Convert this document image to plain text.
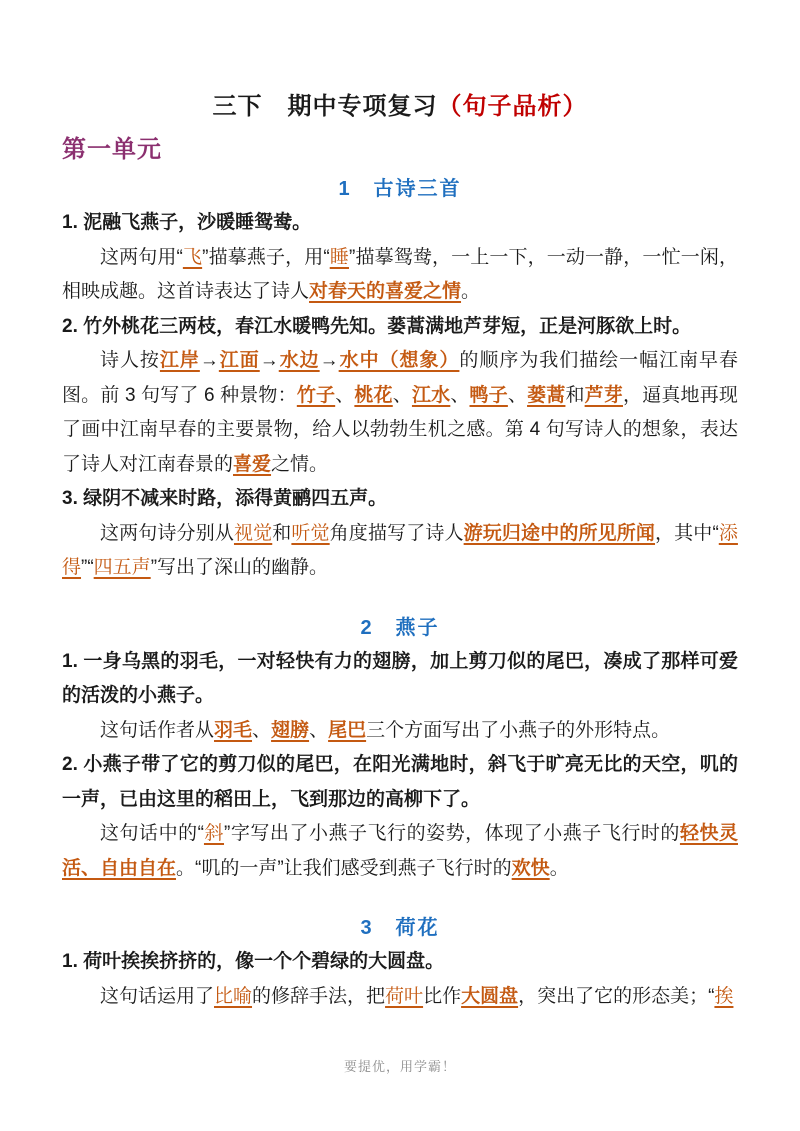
三下　期中专项复习（句子品析）
第一单元
1　古诗三首

1. 泥融飞燕子，沙暖睡鸳鸯。

这两句用“飞”描摹燕子，用“睡”描摹鸳鸯，一上一下，一动一静，一忙一闲，相映成趣。这首诗表达了诗人对春天的喜爱之情。

2. 竹外桃花三两枝，春江水暖鸭先知。蒌蒿满地芦芽短，正是河豚欲上时。

诗人按江岸→江面→水边→水中（想象）的顺序为我们描绘一幅江南早春图。前 3 句写了 6 种景物：竹子、桃花、江水、鸭子、蒌蒿和芦芽，逼真地再现了画中江南早春的主要景物，给人以勃勃生机之感。第 4 句写诗人的想象，表达了诗人对江南春景的喜爱之情。

3. 绿阴不减来时路，添得黄鹂四五声。

这两句诗分别从视觉和听觉角度描写了诗人游玩归途中的所见所闻，其中“添得”“四五声”写出了深山的幽静。

2　燕子

1. 一身乌黑的羽毛，一对轻快有力的翅膀，加上剪刀似的尾巴，凑成了那样可爱的活泼的小燕子。

这句话作者从羽毛、翅膀、尾巴三个方面写出了小燕子的外形特点。

2. 小燕子带了它的剪刀似的尾巴，在阳光满地时，斜飞于旷亮无比的天空，叽的一声，已由这里的稻田上，飞到那边的高柳下了。

这句话中的“斜”字写出了小燕子飞行的姿势，体现了小燕子飞行时的轻快灵活、自由自在。“叽的一声”让我们感受到燕子飞行时的欢快。

3　荷花

1. 荷叶挨挨挤挤的，像一个个碧绿的大圆盘。

这句话运用了比喻的修辞手法，把荷叶比作大圆盘，突出了它的形态美；“挨

要提优，用学霸！
